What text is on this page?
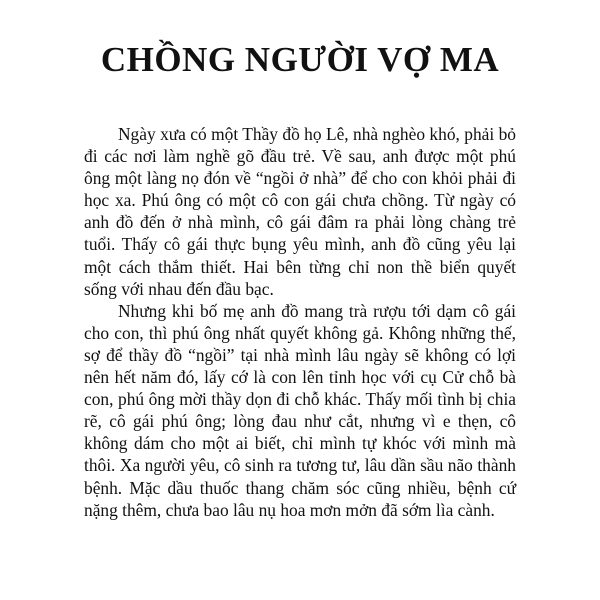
CHỒNG NGƯỜI VỢ MA

Ngày xưa có một Thầy đồ họ Lê, nhà nghèo khó, phải bỏ đi các nơi làm nghề gõ đầu trẻ. Về sau, anh được một phú ông một làng nọ đón về “ngồi ở nhà” để cho con khỏi phải đi học xa. Phú ông có một cô con gái chưa chồng. Từ ngày có anh đồ đến ở nhà mình, cô gái đâm ra phải lòng chàng trẻ tuổi. Thấy cô gái thực bụng yêu mình, anh đồ cũng yêu lại một cách thắm thiết. Hai bên từng chỉ non thề biển quyết sống với nhau đến đầu bạc.

Nhưng khi bố mẹ anh đồ mang trà rượu tới dạm cô gái cho con, thì phú ông nhất quyết không gả. Không những thế, sợ để thầy đồ “ngồi” tại nhà mình lâu ngày sẽ không có lợi nên hết năm đó, lấy cớ là con lên tỉnh học với cụ Cử chỗ bà con, phú ông mời thầy dọn đi chỗ khác. Thấy mối tình bị chia rẽ, cô gái phú ông; lòng đau như cắt, nhưng vì e thẹn, cô không dám cho một ai biết, chỉ mình tự khóc với mình mà thôi. Xa người yêu, cô sinh ra tương tư, lâu dần sầu não thành bệnh. Mặc dầu thuốc thang chăm sóc cũng nhiều, bệnh cứ nặng thêm, chưa bao lâu nụ hoa mơn mởn đã sớm lìa cành.
